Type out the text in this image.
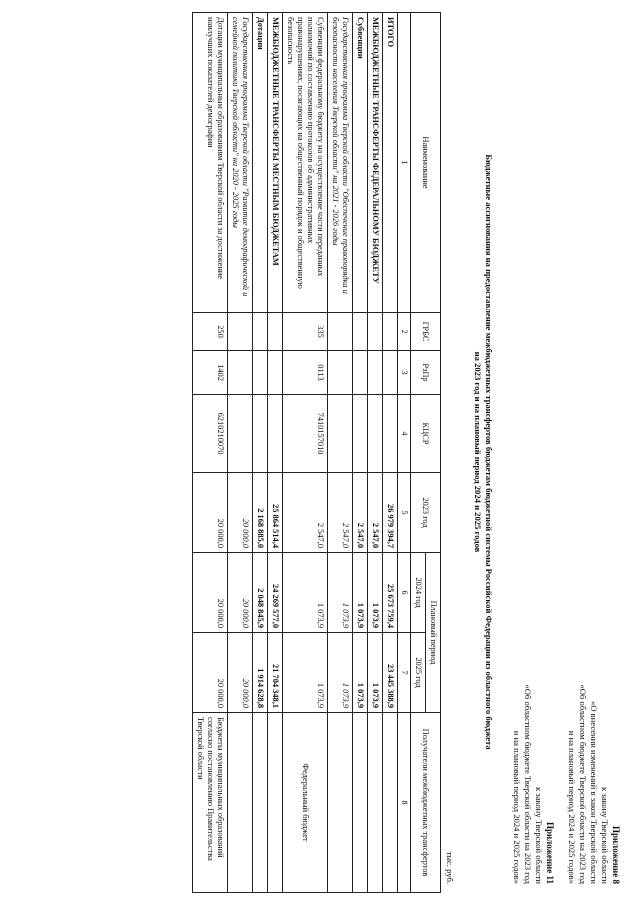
Приложение 8
к закону Тверской области
«О внесении изменений в закон Тверской области
«Об областном бюджете Тверской области на 2023 год
и на плановый период 2024 и 2025 годов»
Приложение 11
к закону Тверской области
«Об областном бюджете Тверской области на 2023 год
и на плановый период 2024 и 2025 годов»
Бюджетные ассигнования на предоставление межбюджетных трансфертов бюджетам бюджетной системы Российской Федерации из областного бюджета
на 2023 год и на плановый период 2024 и 2025 годов
тыс. руб.
Наименование	ГРБС	РзПр	КЦСР	2023 год	Плановый период		Получатели межбюджетных трансфертов
					2024 год	2025 год	
1	2	3	4	5	6	7	8
ИТОГО				26 979 394,7	25 673 759,4	23 445 388,9	
МЕЖБЮДЖЕТНЫЕ ТРАНСФЕРТЫ ФЕДЕРАЛЬНОМУ БЮДЖЕТУ				2 547,0	1 073,9	1 073,9	
Субвенции				2 547,0	1 073,9	1 073,9	
Государственная программа Тверской области "Обеспечение правопорядка и безопасности населения Тверской области" на 2021 - 2026 годы				2 547,0	1 073,9	1 073,9	
Субвенции федеральному бюджету на осуществление части переданных полномочий по составлению протоколов об административных правонарушениях, посягающих на общественный порядок и общественную безопасность	335	0113	7410157010	2 547,0	1 073,9	1 073,9	Федеральный бюджет
МЕЖБЮДЖЕТНЫЕ ТРАНСФЕРТЫ МЕСТНЫМ БЮДЖЕТАМ				25 864 514,4	24 269 577,0	21 704 348,1	
Дотации				2 168 885,0	2 048 845,9	1 914 628,8	
Государственная программа Тверской области "Развитие демографической и семейной политики Тверской области" на 2020 - 2025 годы				20 000,0	20 000,0	20 000,0	
Дотации муниципальным образованиям Тверской области за достижение наилучших показателей демографии	250	1402	6210210070	20 000,0	20 000,0	20 000,0	Бюджеты муниципальных образований согласно постановлению Правительства Тверской области
